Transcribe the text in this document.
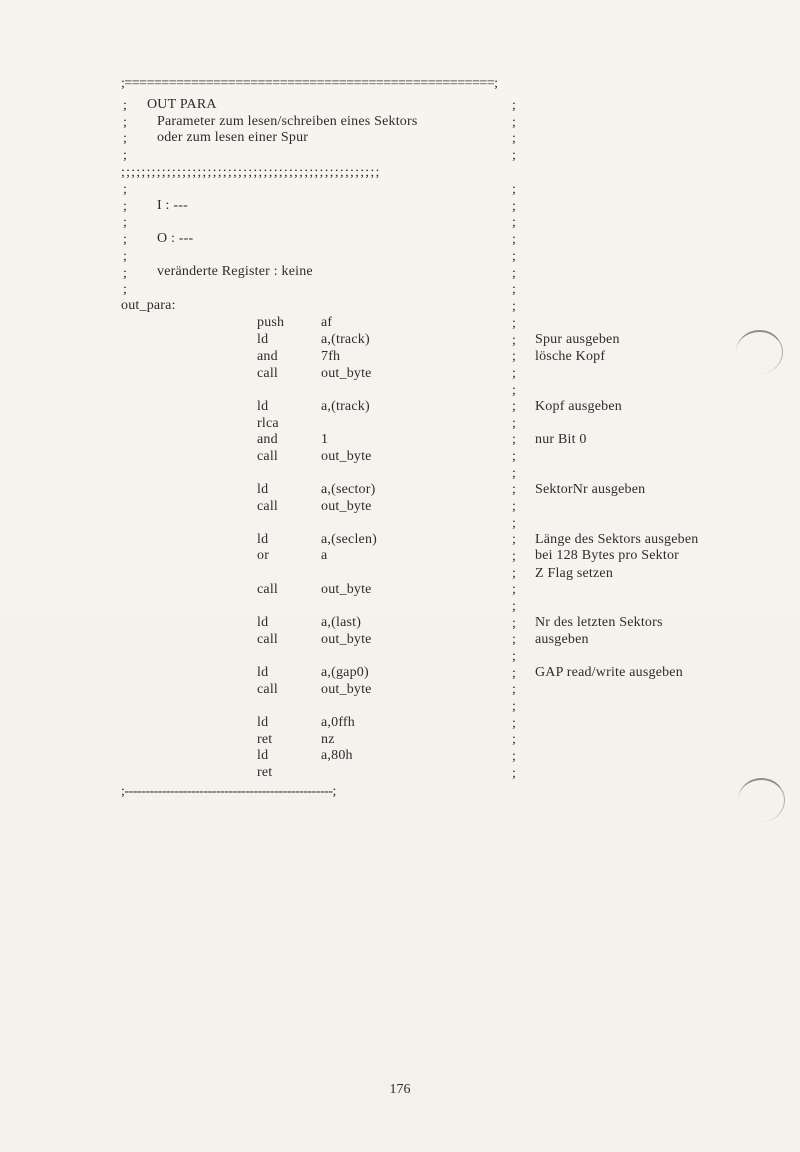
;==================================================;
;
;
;
;
;;;;;;;;;;;;;;;;;;;;;;;;;;;;;;;;;;;;;;;;;;;;;;;;;;;
;
;
;
;
;
;
;
OUT PARA
Parameter zum lesen/schreiben eines Sektors
oder zum lesen einer Spur
I : ---
O : ---
veränderte Register : keine
out_para:
;
;
;
;
;
;
;
;
;
;
;
;
;
;
;
;
;
;
;
;
;
;
;
;
;
;
;
;
;
;
;
;
;
;
;
;
;
;
;
;
push	af
ld	a,(track)	Spur ausgeben
and	7fh	lösche Kopf
call	out_byte
ld	a,(track)	Kopf ausgeben
rlca
and	1	nur Bit 0
call	out_byte
ld	a,(sector)	SektorNr ausgeben
call	out_byte
ld	a,(seclen)	Länge des Sektors ausgeben
or	a	bei 128 Bytes pro Sektor
Z Flag setzen
call	out_byte
ld	a,(last)	Nr des letzten Sektors
call	out_byte	ausgeben
ld	a,(gap0)	GAP read/write ausgeben
call	out_byte
ld	a,0ffh
ret	nz
ld	a,80h
ret
;--------------------------------------------------;
176
